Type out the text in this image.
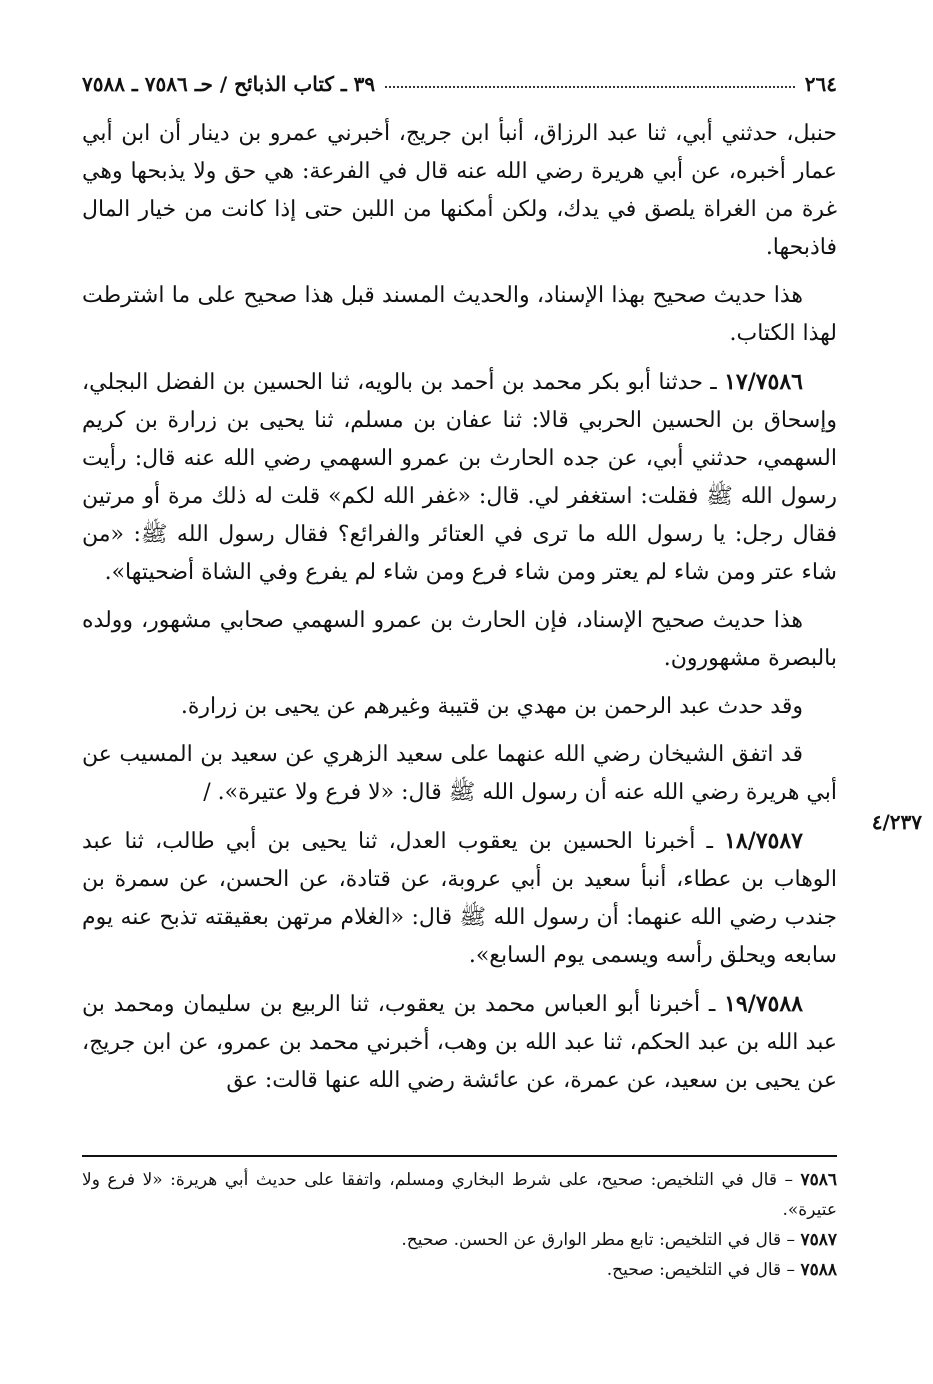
٢٦٤
٣٩ ـ كتاب الذبائح / حـ ٧٥٨٦ ـ ٧٥٨٨

حنبل، حدثني أبي، ثنا عبد الرزاق، أنبأ ابن جريج، أخبرني عمرو بن دينار أن ابن أبي عمار أخبره، عن أبي هريرة رضي الله عنه قال في الفرعة: هي حق ولا يذبحها وهي غرة من الغراة يلصق في يدك، ولكن أمكنها من اللبن حتى إذا كانت من خيار المال فاذبحها.

هذا حديث صحيح بهذا الإسناد، والحديث المسند قبل هذا صحيح على ما اشترطت لهذا الكتاب.

١٧/٧٥٨٦ ـ حدثنا أبو بكر محمد بن أحمد بن بالويه، ثنا الحسين بن الفضل البجلي، وإسحاق بن الحسين الحربي قالا: ثنا عفان بن مسلم، ثنا يحيى بن زرارة بن كريم السهمي، حدثني أبي، عن جده الحارث بن عمرو السهمي رضي الله عنه قال: رأيت رسول الله ﷺ فقلت: استغفر لي. قال: «غفر الله لكم» قلت له ذلك مرة أو مرتين فقال رجل: يا رسول الله ما ترى في العتائر والفرائع؟ فقال رسول الله ﷺ: «من شاء عتر ومن شاء لم يعتر ومن شاء فرع ومن شاء لم يفرع وفي الشاة أضحيتها».

هذا حديث صحيح الإسناد، فإن الحارث بن عمرو السهمي صحابي مشهور، وولده بالبصرة مشهورون.

وقد حدث عبد الرحمن بن مهدي بن قتيبة وغيرهم عن يحيى بن زرارة.

قد اتفق الشيخان رضي الله عنهما على سعيد الزهري عن سعيد بن المسيب عن أبي هريرة رضي الله عنه أن رسول الله ﷺ قال: «لا فرع ولا عتيرة». /

١٨/٧٥٨٧ ـ أخبرنا الحسين بن يعقوب العدل، ثنا يحيى بن أبي طالب، ثنا عبد الوهاب بن عطاء، أنبأ سعيد بن أبي عروبة، عن قتادة، عن الحسن، عن سمرة بن جندب رضي الله عنهما: أن رسول الله ﷺ قال: «الغلام مرتهن بعقيقته تذبح عنه يوم سابعه ويحلق رأسه ويسمى يوم السابع».

١٩/٧٥٨٨ ـ أخبرنا أبو العباس محمد بن يعقوب، ثنا الربيع بن سليمان ومحمد بن عبد الله بن عبد الحكم، ثنا عبد الله بن وهب، أخبرني محمد بن عمرو، عن ابن جريج، عن يحيى بن سعيد، عن عمرة، عن عائشة رضي الله عنها قالت: عق

٤/٢٣٧

٧٥٨٦ – قال في التلخيص: صحيح، على شرط البخاري ومسلم، واتفقا على حديث أبي هريرة: «لا فرع ولا عتيرة».

٧٥٨٧ – قال في التلخيص: تابع مطر الوارق عن الحسن. صحيح.

٧٥٨٨ – قال في التلخيص: صحيح.
